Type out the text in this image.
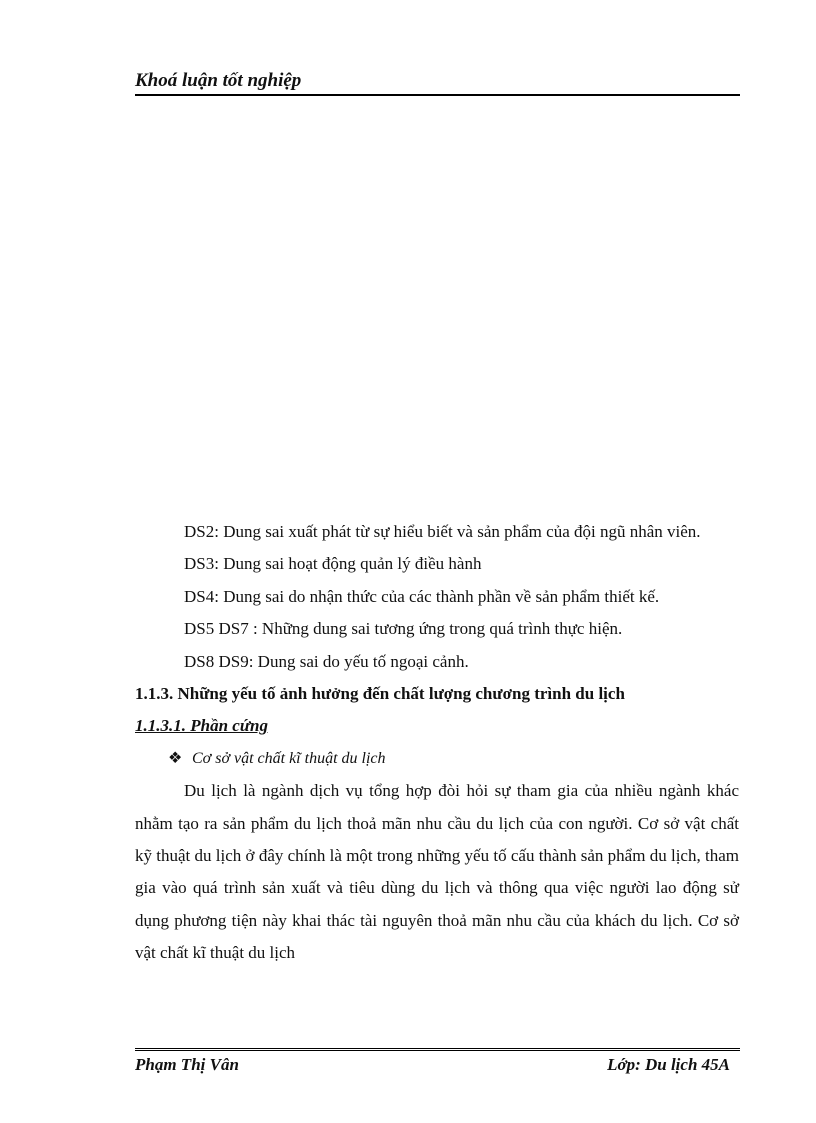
Khoá luận tốt nghiệp

DS2: Dung sai xuất phát từ sự hiểu biết và sản phẩm của đội ngũ nhân viên.

DS3: Dung sai hoạt động quản lý điều hành

DS4: Dung sai do nhận thức của các thành phần về sản phẩm thiết kế.

DS5 DS7 : Những dung sai tương ứng trong quá trình thực hiện.

DS8 DS9: Dung sai do yếu tố ngoại cảnh.

1.1.3. Những yếu tố ảnh hưởng đến chất lượng chương trình du lịch

1.1.3.1. Phần cứng

❖ Cơ sở vật chất kĩ thuật du lịch

Du lịch là ngành dịch vụ tổng hợp đòi hỏi sự tham gia của nhiều ngành khác nhằm tạo ra sản phẩm du lịch thoả mãn nhu cầu du lịch của con người. Cơ sở vật chất kỹ thuật du lịch ở đây chính là một trong những yếu tố cấu thành sản phẩm du lịch, tham gia vào quá trình sản xuất và tiêu dùng du lịch và thông qua việc người lao động sử dụng phương tiện này khai thác tài nguyên thoả mãn nhu cầu của khách du lịch. Cơ sở vật chất kĩ thuật du lịch

Phạm Thị Vân	Lớp: Du lịch 45A
